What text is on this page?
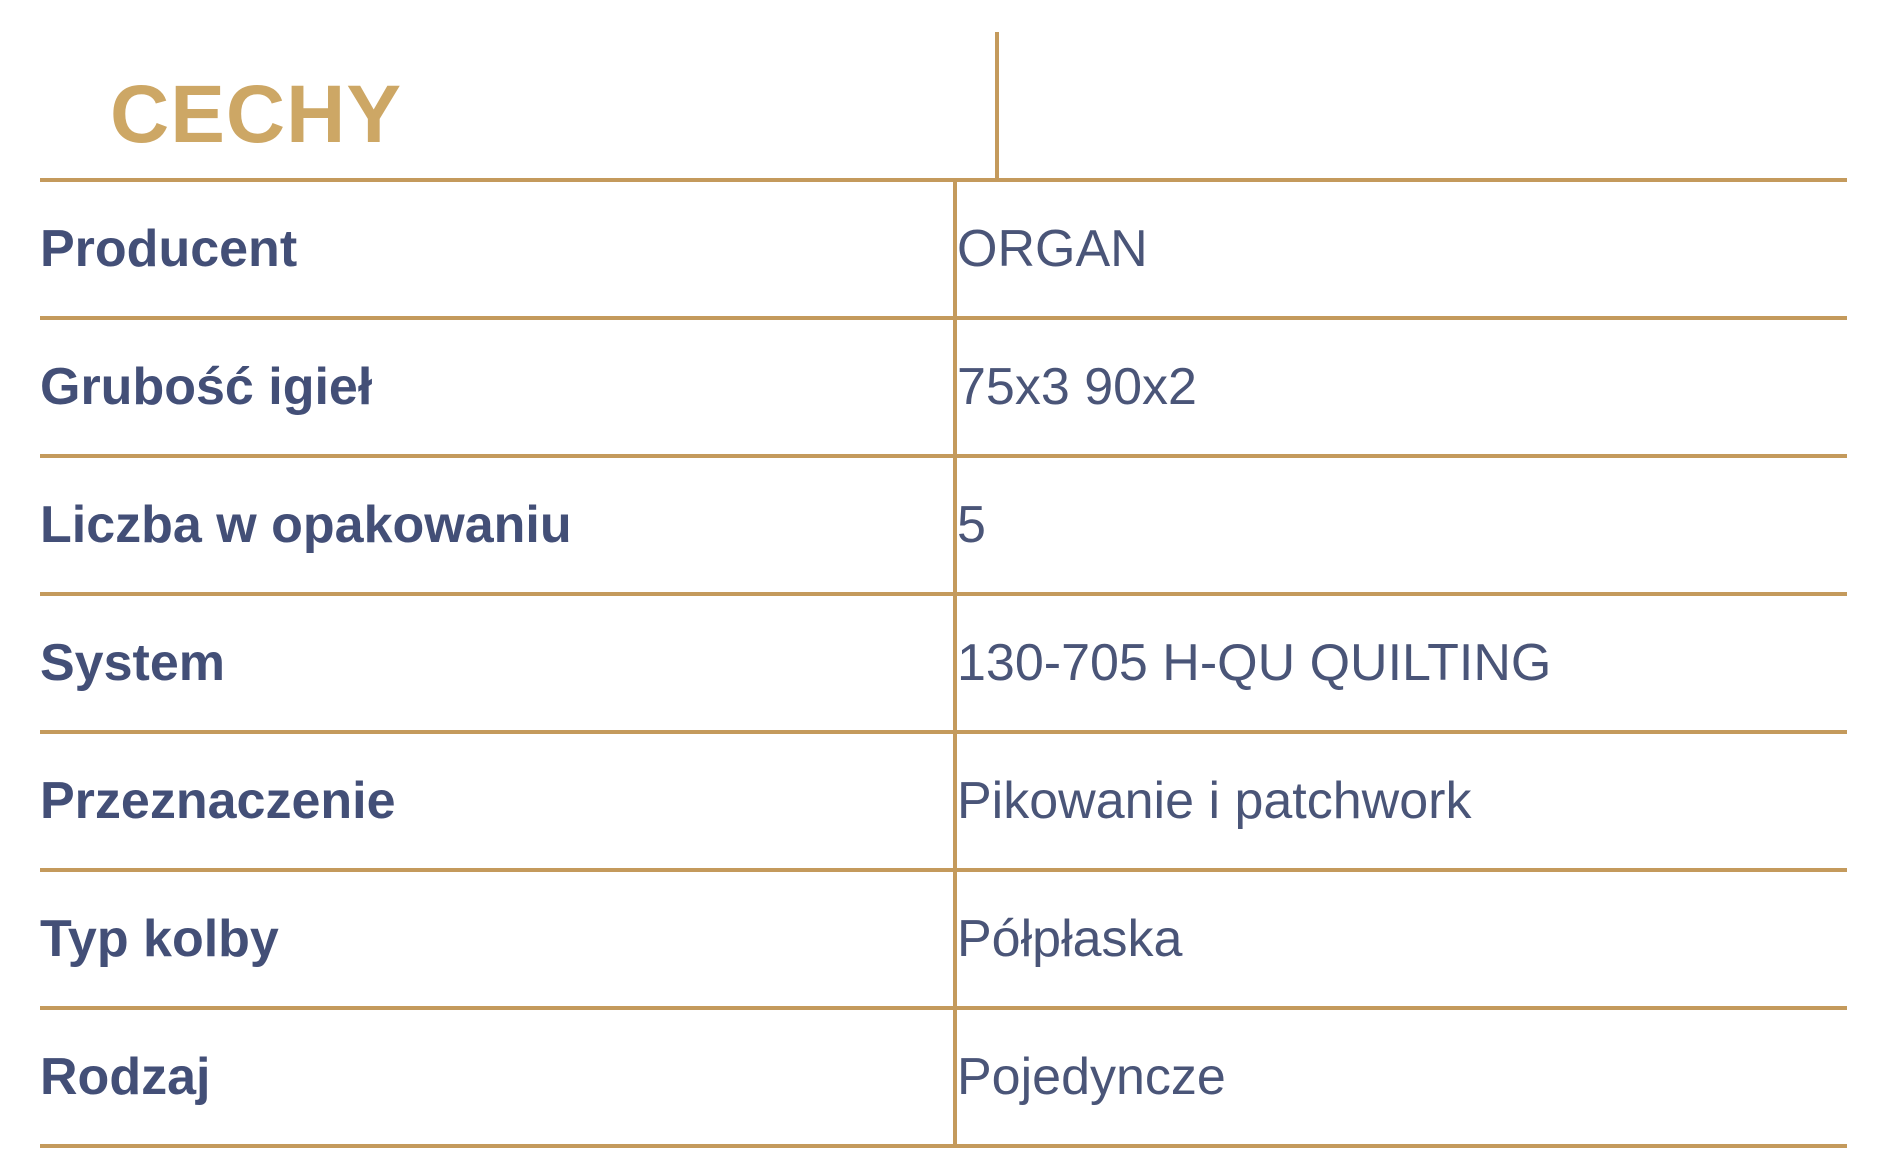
CECHY
Producent	ORGAN
Grubość igieł	75x3 90x2
Liczba w opakowaniu	5
System	130-705 H-QU QUILTING
Przeznaczenie	Pikowanie i patchwork
Typ kolby	Półpłaska
Rodzaj	Pojedyncze
